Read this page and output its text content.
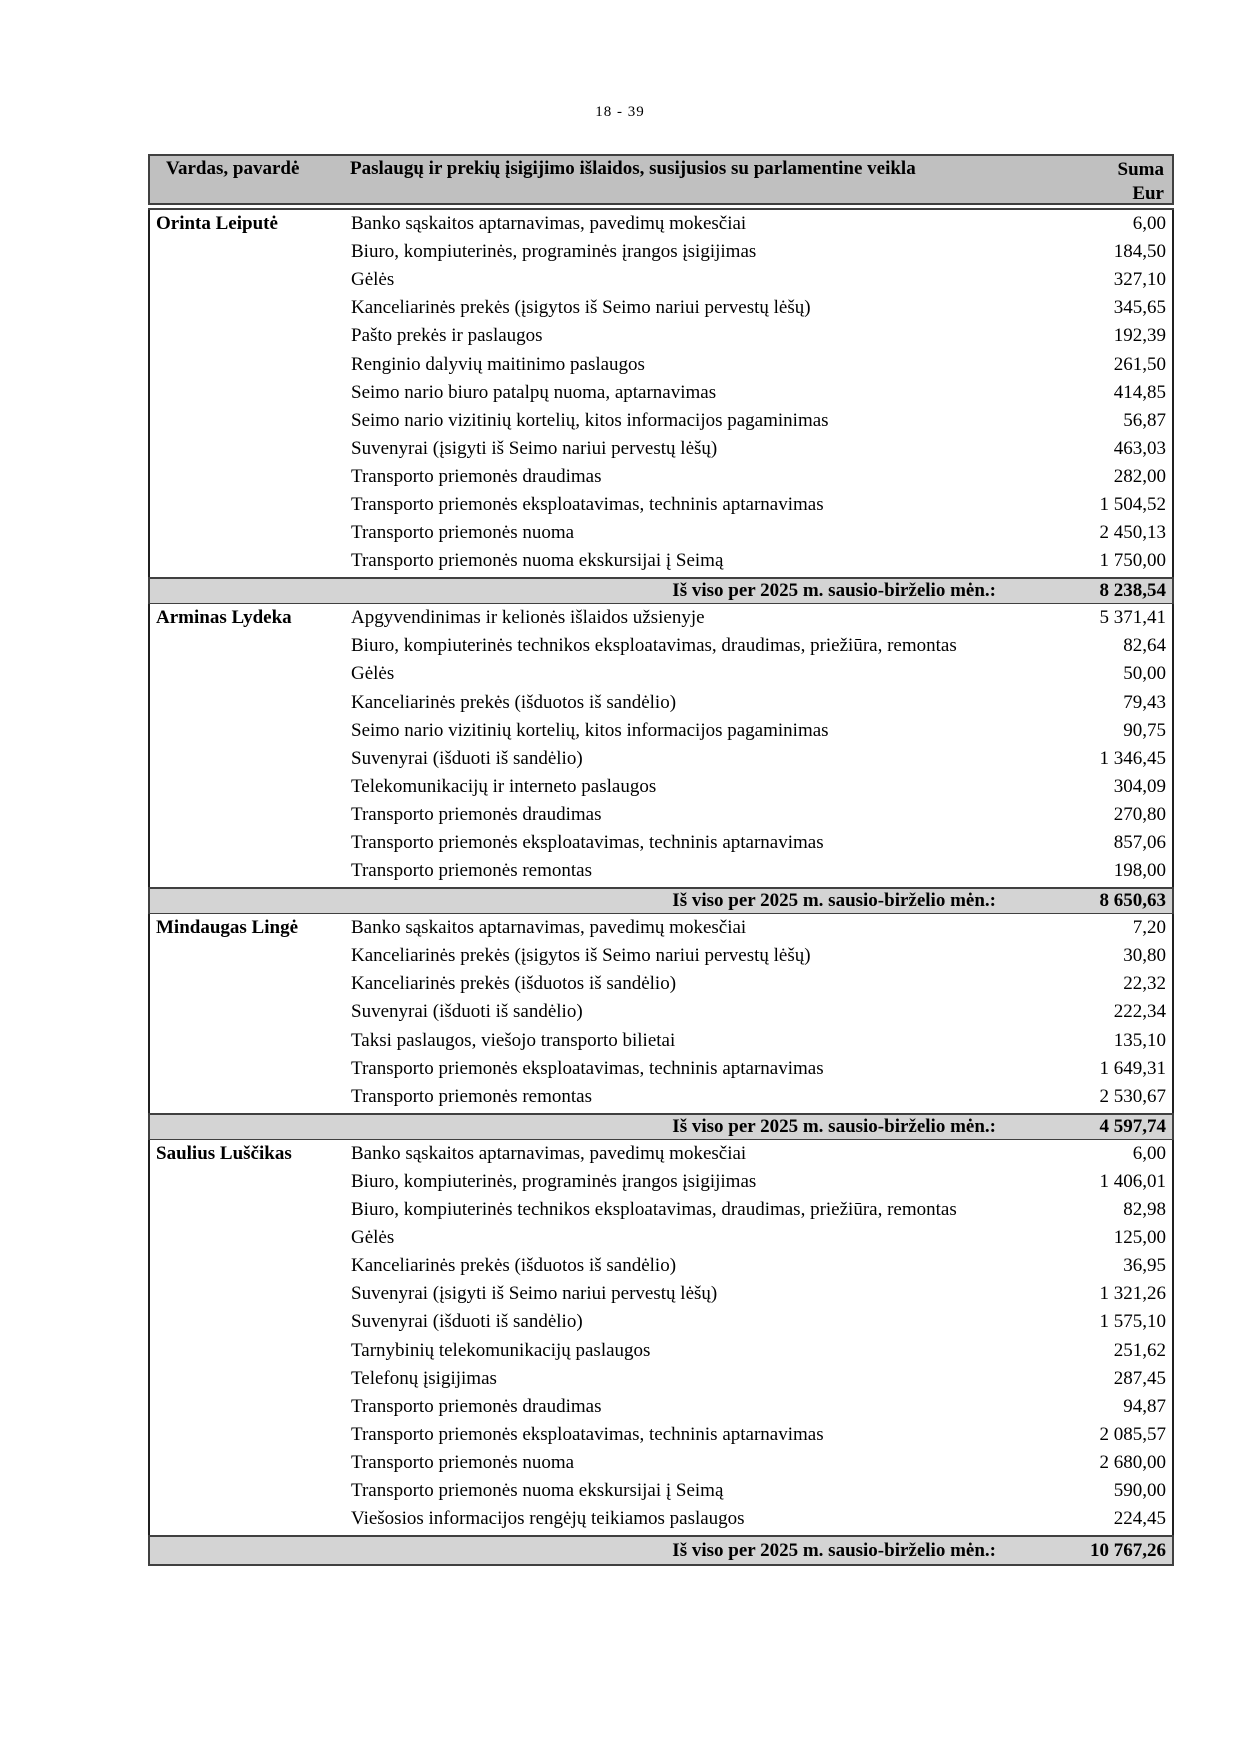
18 - 39
Vardas, pavardė	Paslaugų ir prekių įsigijimo išlaidos, susijusios su parlamentine veikla	Suma
Eur
Orinta Leiputė	Banko sąskaitos aptarnavimas, pavedimų mokesčiai	6,00
Biuro, kompiuterinės, programinės įrangos įsigijimas	184,50
Gėlės	327,10
Kanceliarinės prekės (įsigytos iš Seimo nariui pervestų lėšų)	345,65
Pašto prekės ir paslaugos	192,39
Renginio dalyvių maitinimo paslaugos	261,50
Seimo nario biuro patalpų nuoma, aptarnavimas	414,85
Seimo nario vizitinių kortelių, kitos informacijos pagaminimas	56,87
Suvenyrai (įsigyti iš Seimo nariui pervestų lėšų)	463,03
Transporto priemonės draudimas	282,00
Transporto priemonės eksploatavimas, techninis aptarnavimas	1 504,52
Transporto priemonės nuoma	2 450,13
Transporto priemonės nuoma ekskursijai į Seimą	1 750,00
Iš viso per 2025 m. sausio-birželio mėn.:	8 238,54
Arminas Lydeka	Apgyvendinimas ir kelionės išlaidos užsienyje	5 371,41
Biuro, kompiuterinės technikos eksploatavimas, draudimas, priežiūra, remontas	82,64
Gėlės	50,00
Kanceliarinės prekės (išduotos iš sandėlio)	79,43
Seimo nario vizitinių kortelių, kitos informacijos pagaminimas	90,75
Suvenyrai (išduoti iš sandėlio)	1 346,45
Telekomunikacijų ir interneto paslaugos	304,09
Transporto priemonės draudimas	270,80
Transporto priemonės eksploatavimas, techninis aptarnavimas	857,06
Transporto priemonės remontas	198,00
Iš viso per 2025 m. sausio-birželio mėn.:	8 650,63
Mindaugas Lingė	Banko sąskaitos aptarnavimas, pavedimų mokesčiai	7,20
Kanceliarinės prekės (įsigytos iš Seimo nariui pervestų lėšų)	30,80
Kanceliarinės prekės (išduotos iš sandėlio)	22,32
Suvenyrai (išduoti iš sandėlio)	222,34
Taksi paslaugos, viešojo transporto bilietai	135,10
Transporto priemonės eksploatavimas, techninis aptarnavimas	1 649,31
Transporto priemonės remontas	2 530,67
Iš viso per 2025 m. sausio-birželio mėn.:	4 597,74
Saulius Luščikas	Banko sąskaitos aptarnavimas, pavedimų mokesčiai	6,00
Biuro, kompiuterinės, programinės įrangos įsigijimas	1 406,01
Biuro, kompiuterinės technikos eksploatavimas, draudimas, priežiūra, remontas	82,98
Gėlės	125,00
Kanceliarinės prekės (išduotos iš sandėlio)	36,95
Suvenyrai (įsigyti iš Seimo nariui pervestų lėšų)	1 321,26
Suvenyrai (išduoti iš sandėlio)	1 575,10
Tarnybinių telekomunikacijų paslaugos	251,62
Telefonų įsigijimas	287,45
Transporto priemonės draudimas	94,87
Transporto priemonės eksploatavimas, techninis aptarnavimas	2 085,57
Transporto priemonės nuoma	2 680,00
Transporto priemonės nuoma ekskursijai į Seimą	590,00
Viešosios informacijos rengėjų teikiamos paslaugos	224,45
Iš viso per 2025 m. sausio-birželio mėn.:	10 767,26
